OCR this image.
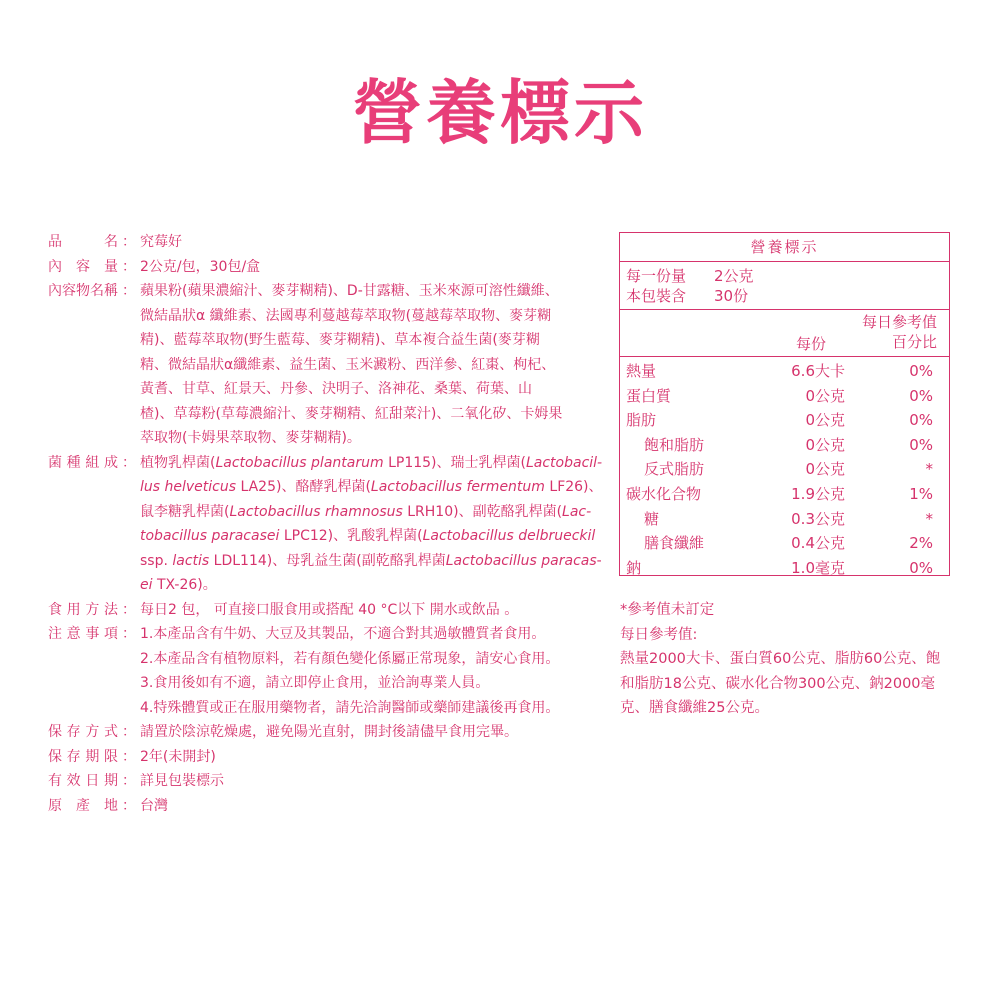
營養標示
品名 ： 究莓好
內容量 ： 2公克/包，30包/盒
內容物名稱 ： 蘋果粉(蘋果濃縮汁、麥芽糊精)、D-甘露糖、玉米來源可溶性纖維、
微結晶狀α 纖維素、法國專利蔓越莓萃取物(蔓越莓萃取物、麥芽糊
精)、藍莓萃取物(野生藍莓、麥芽糊精)、草本複合益生菌(麥芽糊
精、微結晶狀α纖維素、益生菌、玉米澱粉、西洋參、紅棗、枸杞、
黃耆、甘草、紅景天、丹參、決明子、洛神花、桑葉、荷葉、山
楂)、草莓粉(草莓濃縮汁、麥芽糊精、紅甜菜汁)、二氧化矽、卡姆果
萃取物(卡姆果萃取物、麥芽糊精)。
菌種組成 ： 植物乳桿菌(Lactobacillus plantarum LP115)、瑞士乳桿菌(Lactobacil-
lus helveticus LA25)、酪酵乳桿菌(Lactobacillus fermentum LF26)、
鼠李糖乳桿菌(Lactobacillus rhamnosus LRH10)、副乾酪乳桿菌(Lac-
tobacillus paracasei LPC12)、乳酸乳桿菌(Lactobacillus delbrueckil
ssp. lactis LDL114)、母乳益生菌(副乾酪乳桿菌Lactobacillus paracas-
ei TX-26)。
食用方法 ： 每日2 包， 可直接口服食用或搭配 40 °C以下 開水或飲品 。
注意事項 ： 1.本產品含有牛奶、大豆及其製品，不適合對其過敏體質者食用。
2.本產品含有植物原料，若有顏色變化係屬正常現象，請安心食用。
3.食用後如有不適，請立即停止食用，並洽詢專業人員。
4.特殊體質或正在服用藥物者，請先洽詢醫師或藥師建議後再食用。
保存方式 ： 請置於陰涼乾燥處，避免陽光直射，開封後請儘早食用完畢。
保存期限 ： 2年(未開封)
有效日期 ： 詳見包裝標示
原產地 ： 台灣
營養標示
每一份量 2公克
本包裝含 30份
每份
每日參考值
百分比
熱量	6.6大卡	0%
蛋白質	0公克	0%
脂肪	0公克	0%
飽和脂肪	0公克	0%
反式脂肪	0公克	*
碳水化合物	1.9公克	1%
糖	0.3公克	*
膳食纖維	0.4公克	2%
鈉	1.0毫克	0%
*參考值未訂定
每日參考值:
熱量2000大卡、蛋白質60公克、脂肪60公克、飽
和脂肪18公克、碳水化合物300公克、鈉2000毫
克、膳食纖維25公克。
